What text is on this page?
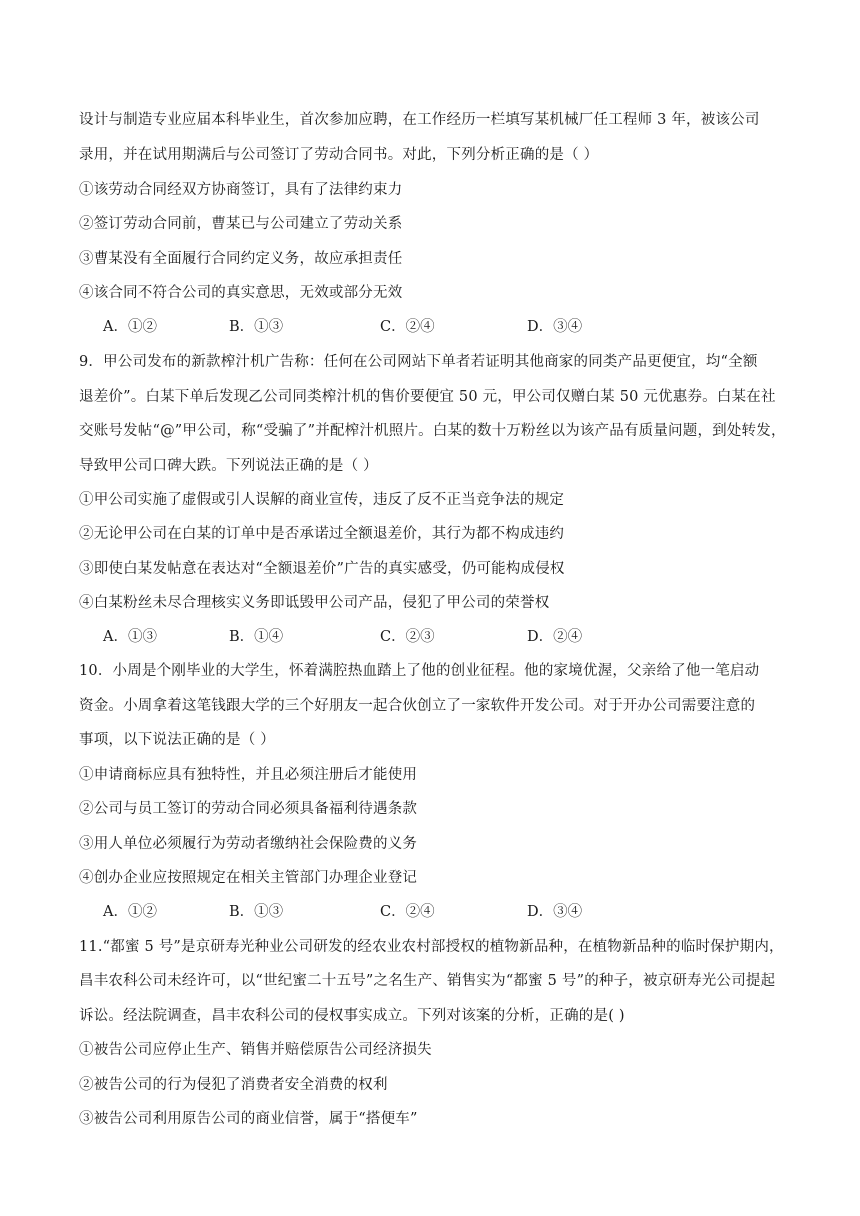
设计与制造专业应届本科毕业生，首次参加应聘，在工作经历一栏填写某机械厂任工程师 3 年，被该公司
录用，并在试用期满后与公司签订了劳动合同书。对此，下列分析正确的是（ ）
①该劳动合同经双方协商签订，具有了法律约束力
②签订劳动合同前，曹某已与公司建立了劳动关系
③曹某没有全面履行合同约定义务，故应承担责任
④该合同不符合公司的真实意思，无效或部分无效
A．①②	B．①③	C．②④	D．③④
9．甲公司发布的新款榨汁机广告称：任何在公司网站下单者若证明其他商家的同类产品更便宜，均“全额
退差价”。白某下单后发现乙公司同类榨汁机的售价要便宜 50 元，甲公司仅赠白某 50 元优惠券。白某在社
交账号发帖“@”甲公司，称“受骗了”并配榨汁机照片。白某的数十万粉丝以为该产品有质量问题，到处转发，
导致甲公司口碑大跌。下列说法正确的是（ ）
①甲公司实施了虚假或引人误解的商业宣传，违反了反不正当竞争法的规定
②无论甲公司在白某的订单中是否承诺过全额退差价，其行为都不构成违约
③即使白某发帖意在表达对“全额退差价”广告的真实感受，仍可能构成侵权
④白某粉丝未尽合理核实义务即诋毁甲公司产品，侵犯了甲公司的荣誉权
A．①③	B．①④	C．②③	D．②④
10．小周是个刚毕业的大学生，怀着满腔热血踏上了他的创业征程。他的家境优渥，父亲给了他一笔启动
资金。小周拿着这笔钱跟大学的三个好朋友一起合伙创立了一家软件开发公司。对于开办公司需要注意的
事项，以下说法正确的是（ ）
①申请商标应具有独特性，并且必须注册后才能使用
②公司与员工签订的劳动合同必须具备福利待遇条款
③用人单位必须履行为劳动者缴纳社会保险费的义务
④创办企业应按照规定在相关主管部门办理企业登记
A．①②	B．①③	C．②④	D．③④
11.“都蜜 5 号”是京研寿光种业公司研发的经农业农村部授权的植物新品种，在植物新品种的临时保护期内，
昌丰农科公司未经许可，以“世纪蜜二十五号”之名生产、销售实为“都蜜 5 号”的种子，被京研寿光公司提起
诉讼。经法院调查，昌丰农科公司的侵权事实成立。下列对该案的分析，正确的是( )
①被告公司应停止生产、销售并赔偿原告公司经济损失
②被告公司的行为侵犯了消费者安全消费的权利
③被告公司利用原告公司的商业信誉，属于“搭便车”
